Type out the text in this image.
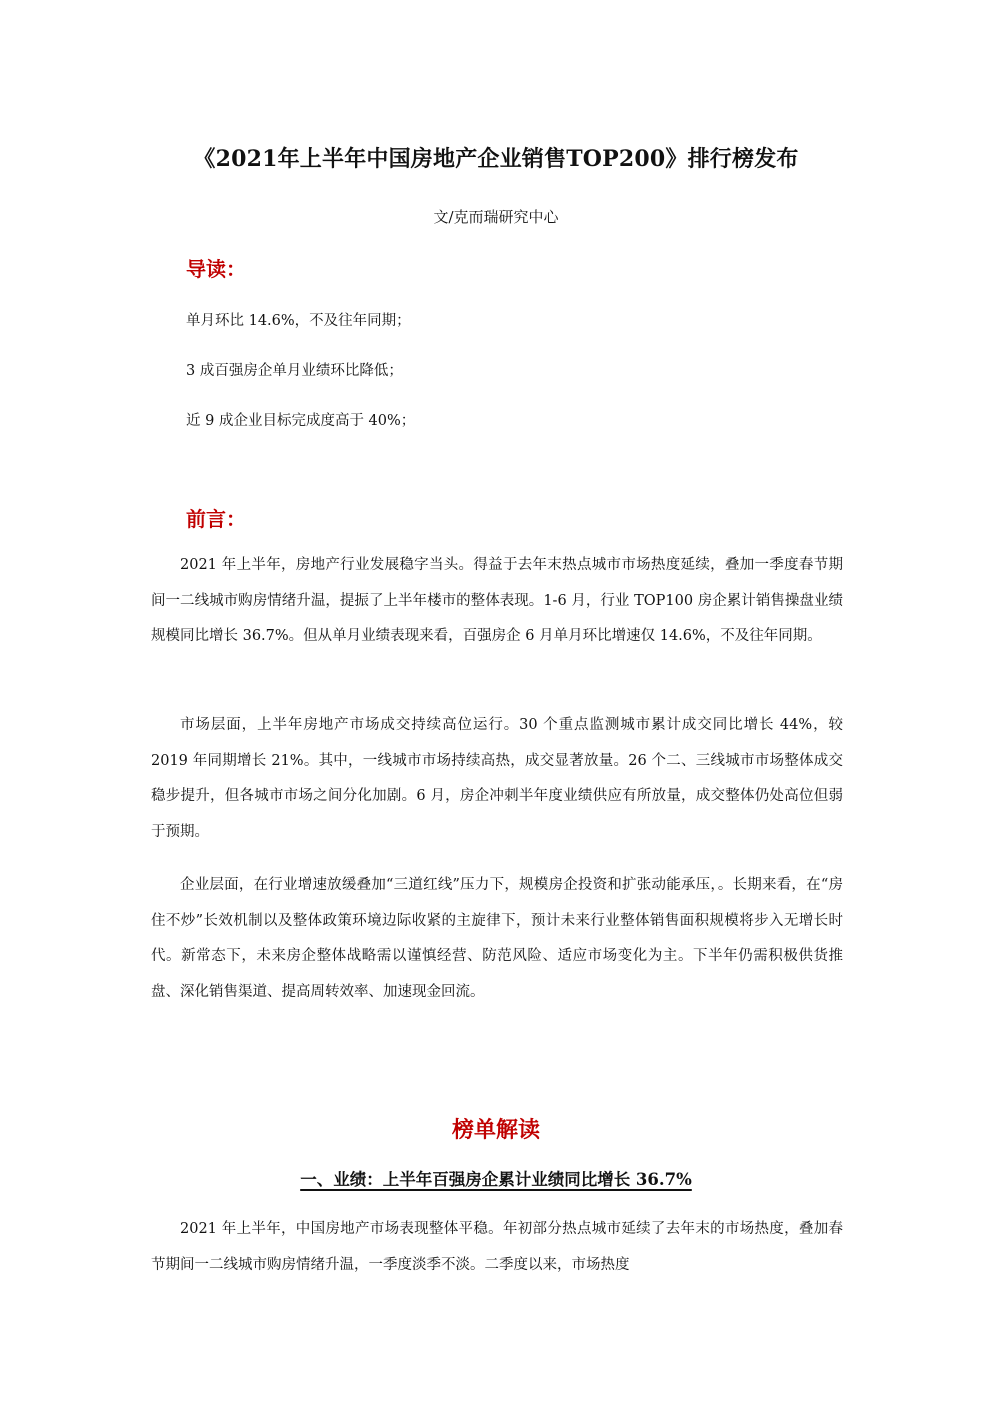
《2021年上半年中国房地产企业销售TOP200》排行榜发布
文/克而瑞研究中心
导读：
单月环比 14.6%，不及往年同期；
3 成百强房企单月业绩环比降低；
近 9 成企业目标完成度高于 40%；
前言：
2021 年上半年，房地产行业发展稳字当头。得益于去年末热点城市市场热度延续，叠加一季度春节期间一二线城市购房情绪升温，提振了上半年楼市的整体表现。1-6 月，行业 TOP100 房企累计销售操盘业绩规模同比增长 36.7%。但从单月业绩表现来看，百强房企 6 月单月环比增速仅 14.6%，不及往年同期。
市场层面，上半年房地产市场成交持续高位运行。30 个重点监测城市累计成交同比增长 44%，较 2019 年同期增长 21%。其中，一线城市市场持续高热，成交显著放量。26 个二、三线城市市场整体成交稳步提升，但各城市市场之间分化加剧。6 月，房企冲刺半年度业绩供应有所放量，成交整体仍处高位但弱于预期。
企业层面，在行业增速放缓叠加“三道红线”压力下，规模房企投资和扩张动能承压，。长期来看，在“房住不炒”长效机制以及整体政策环境边际收紧的主旋律下，预计未来行业整体销售面积规模将步入无增长时代。新常态下，未来房企整体战略需以谨慎经营、防范风险、适应市场变化为主。下半年仍需积极供货推盘、深化销售渠道、提高周转效率、加速现金回流。
榜单解读
一、业绩：上半年百强房企累计业绩同比增长 36.7%
2021 年上半年，中国房地产市场表现整体平稳。年初部分热点城市延续了去年末的市场热度，叠加春节期间一二线城市购房情绪升温，一季度淡季不淡。二季度以来，市场热度
